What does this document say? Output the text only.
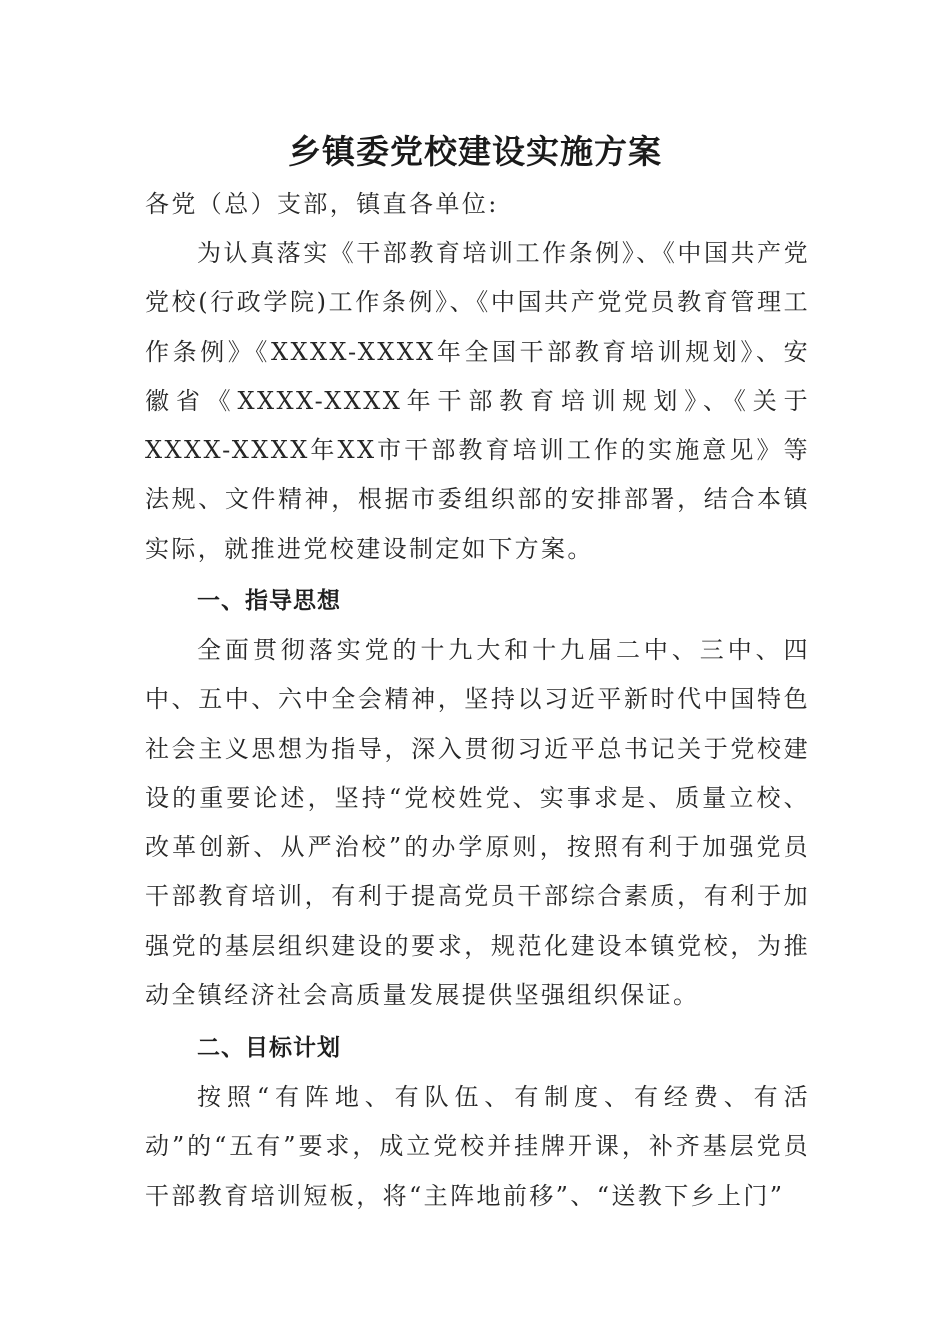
乡镇委党校建设实施方案
各党（总）支部，镇直各单位:

为认真落实《干部教育培训工作条例》、《中国共产党党校(行政学院)工作条例》、《中国共产党党员教育管理工作条例》《XXXX-XXXX年全国干部教育培训规划》、安徽省《XXXX-XXXX年干部教育培训规划》、《关于XXXX-XXXX年XX市干部教育培训工作的实施意见》等法规、文件精神，根据市委组织部的安排部署，结合本镇实际，就推进党校建设制定如下方案。

一、指导思想

全面贯彻落实党的十九大和十九届二中、三中、四中、五中、六中全会精神，坚持以习近平新时代中国特色社会主义思想为指导，深入贯彻习近平总书记关于党校建设的重要论述，坚持“党校姓党、实事求是、质量立校、改革创新、从严治校”的办学原则，按照有利于加强党员干部教育培训，有利于提高党员干部综合素质，有利于加强党的基层组织建设的要求，规范化建设本镇党校，为推动全镇经济社会高质量发展提供坚强组织保证。

二、目标计划

按照“有阵地、有队伍、有制度、有经费、有活动”的“五有”要求，成立党校并挂牌开课，补齐基层党员干部教育培训短板，将“主阵地前移”、“送教下乡上门”
